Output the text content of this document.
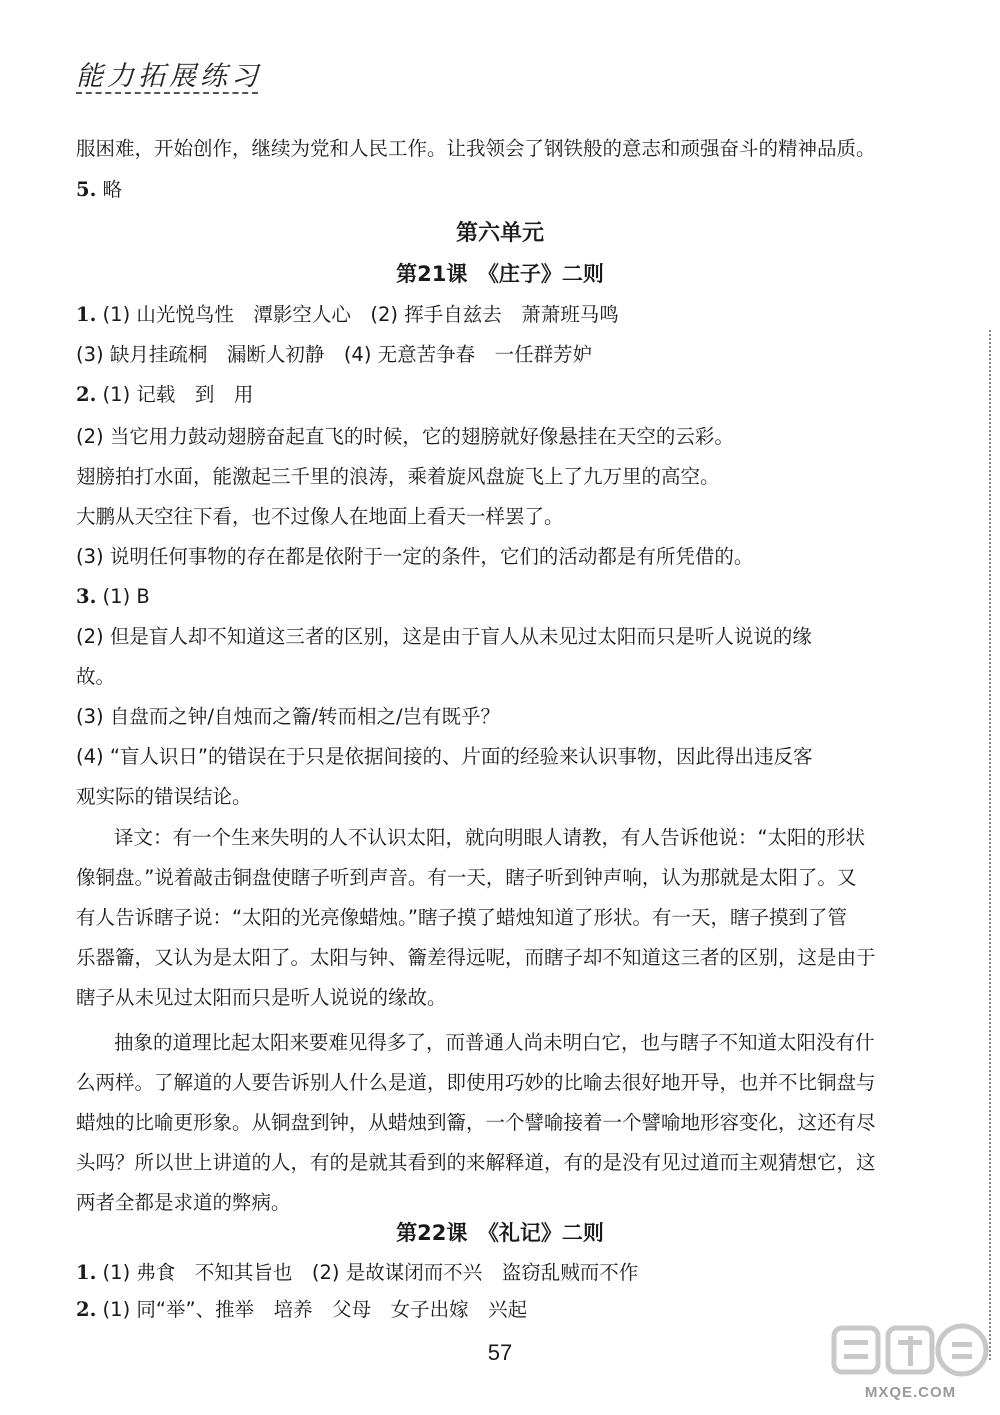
能力拓展练习
服困难，开始创作，继续为党和人民工作。让我领会了钢铁般的意志和顽强奋斗的精神品质。
5. 略
第六单元
第21课　《庄子》二则
1. (1) 山光悦鸟性　潭影空人心　(2) 挥手自兹去　萧萧班马鸣
(3) 缺月挂疏桐　漏断人初静　(4) 无意苦争春　一任群芳妒
2. (1) 记载　到　用
(2) 当它用力鼓动翅膀奋起直飞的时候，它的翅膀就好像悬挂在天空的云彩。
翅膀拍打水面，能激起三千里的浪涛，乘着旋风盘旋飞上了九万里的高空。
大鹏从天空往下看，也不过像人在地面上看天一样罢了。
(3) 说明任何事物的存在都是依附于一定的条件，它们的活动都是有所凭借的。
3. (1) B
(2) 但是盲人却不知道这三者的区别，这是由于盲人从未见过太阳而只是听人说说的缘
故。
(3) 自盘而之钟/自烛而之籥/转而相之/岂有既乎？
(4) “盲人识日”的错误在于只是依据间接的、片面的经验来认识事物，因此得出违反客
观实际的错误结论。
译文：有一个生来失明的人不认识太阳，就向明眼人请教，有人告诉他说：“太阳的形状
像铜盘。”说着敲击铜盘使瞎子听到声音。有一天，瞎子听到钟声响，认为那就是太阳了。又
有人告诉瞎子说：“太阳的光亮像蜡烛。”瞎子摸了蜡烛知道了形状。有一天，瞎子摸到了管
乐器籥，又认为是太阳了。太阳与钟、籥差得远呢，而瞎子却不知道这三者的区别，这是由于
瞎子从未见过太阳而只是听人说说的缘故。
抽象的道理比起太阳来要难见得多了，而普通人尚未明白它，也与瞎子不知道太阳没有什
么两样。了解道的人要告诉别人什么是道，即使用巧妙的比喻去很好地开导，也并不比铜盘与
蜡烛的比喻更形象。从铜盘到钟，从蜡烛到籥，一个譬喻接着一个譬喻地形容变化，这还有尽
头吗？所以世上讲道的人，有的是就其看到的来解释道，有的是没有见过道而主观猜想它，这
两者全都是求道的弊病。
第22课　《礼记》二则
1. (1) 弗食　不知其旨也　(2) 是故谋闭而不兴　盗窃乱贼而不作
2. (1) 同“举”、推举　培养　父母　女子出嫁　兴起
57
MXQE.COM
